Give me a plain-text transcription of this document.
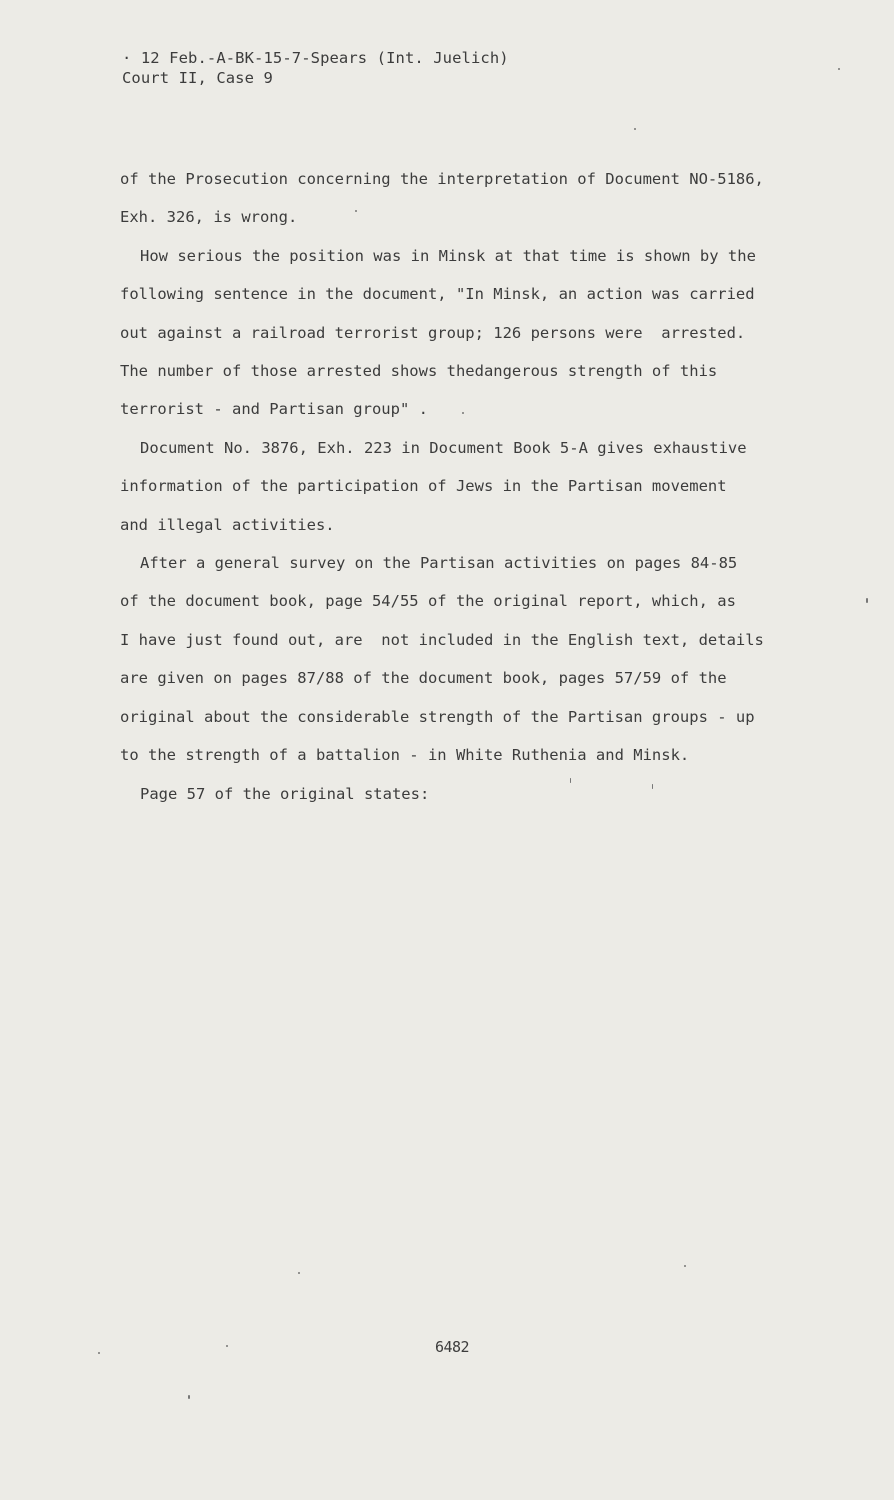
· 12 Feb.-A-BK-15-7-Spears (Int. Juelich)
Court II, Case 9
of the Prosecution concerning the interpretation of Document NO-5186,
Exh. 326, is wrong.
How serious the position was in Minsk at that time is shown by the
following sentence in the document, "In Minsk, an action was carried
out against a railroad terrorist group; 126 persons were  arrested.
The number of those arrested shows thedangerous strength of this
terrorist - and Partisan group" .
Document No. 3876, Exh. 223 in Document Book 5-A gives exhaustive
information of the participation of Jews in the Partisan movement
and illegal activities.
After a general survey on the Partisan activities on pages 84-85
of the document book, page 54/55 of the original report, which, as
I have just found out, are  not included in the English text, details
are given on pages 87/88 of the document book, pages 57/59 of the
original about the considerable strength of the Partisan groups - up
to the strength of a battalion - in White Ruthenia and Minsk.
Page 57 of the original states:
6482
